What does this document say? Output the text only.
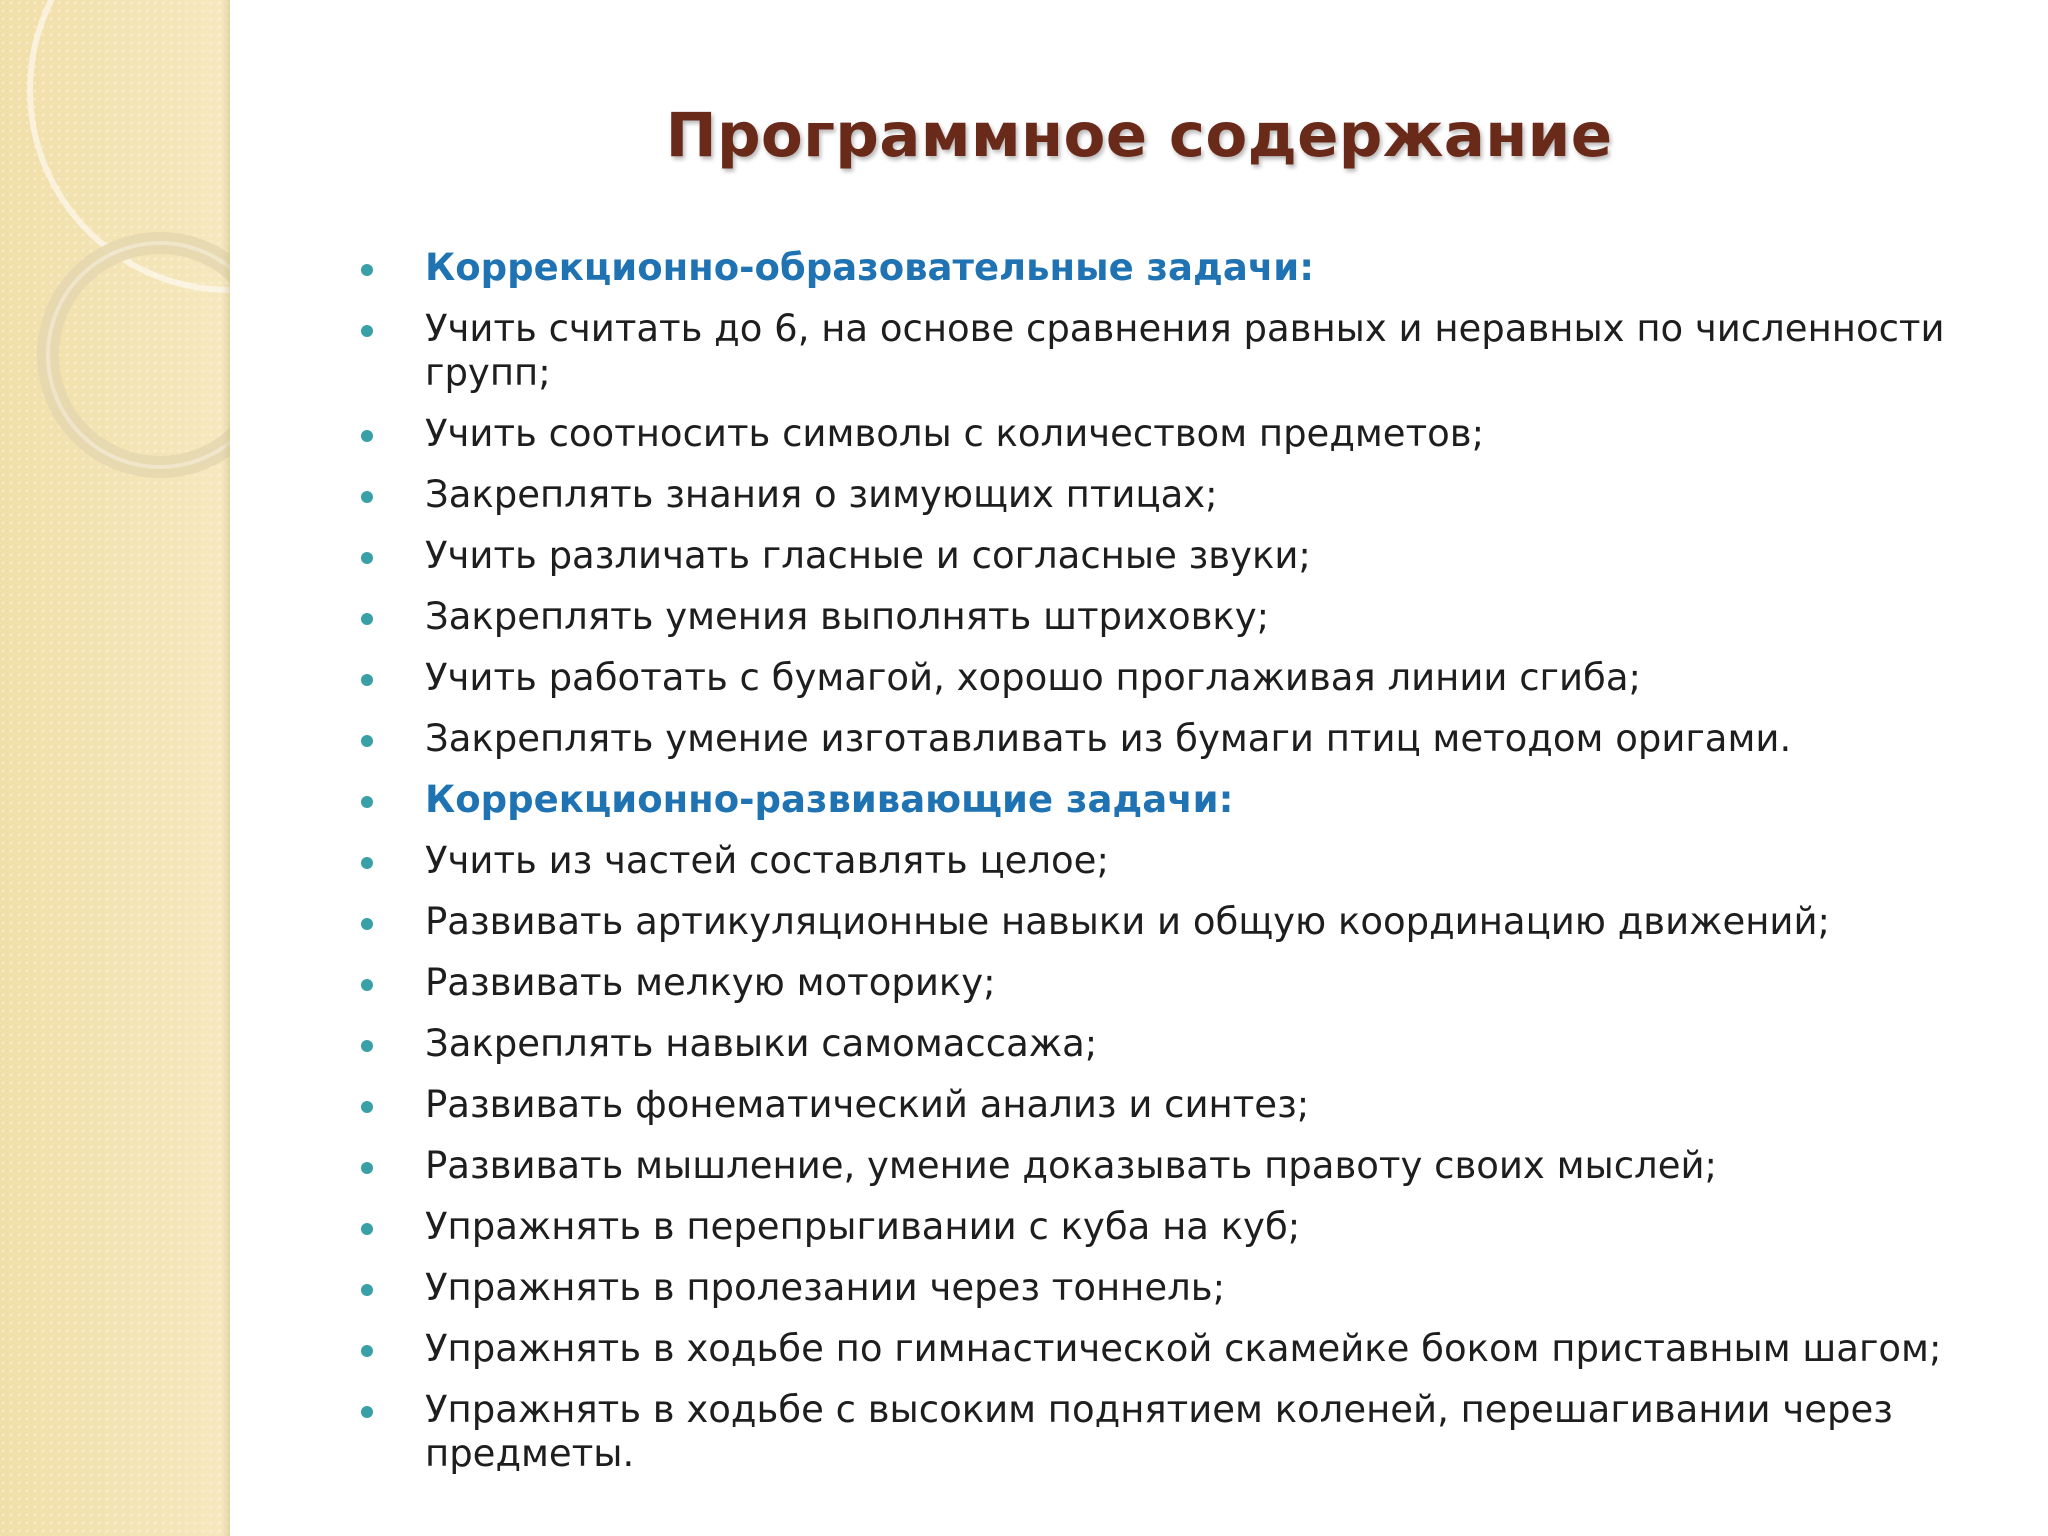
Программное содержание
Коррекционно-образовательные задачи:
Учить считать до 6, на основе сравнения равных и неравных по численности групп;
Учить соотносить символы с количеством предметов;
Закреплять знания о зимующих птицах;
Учить различать гласные и согласные звуки;
Закреплять умения выполнять штриховку;
Учить работать с бумагой, хорошо проглаживая линии сгиба;
Закреплять умение изготавливать из бумаги птиц методом оригами.
Коррекционно-развивающие задачи:
Учить из частей составлять целое;
Развивать артикуляционные навыки и общую координацию движений;
Развивать мелкую моторику;
Закреплять навыки самомассажа;
Развивать фонематический анализ и синтез;
Развивать мышление, умение доказывать правоту своих мыслей;
Упражнять в перепрыгивании с куба на куб;
Упражнять в пролезании через тоннель;
Упражнять в ходьбе по гимнастической скамейке боком приставным шагом;
Упражнять в ходьбе с высоким поднятием коленей, перешагивании через предметы.
